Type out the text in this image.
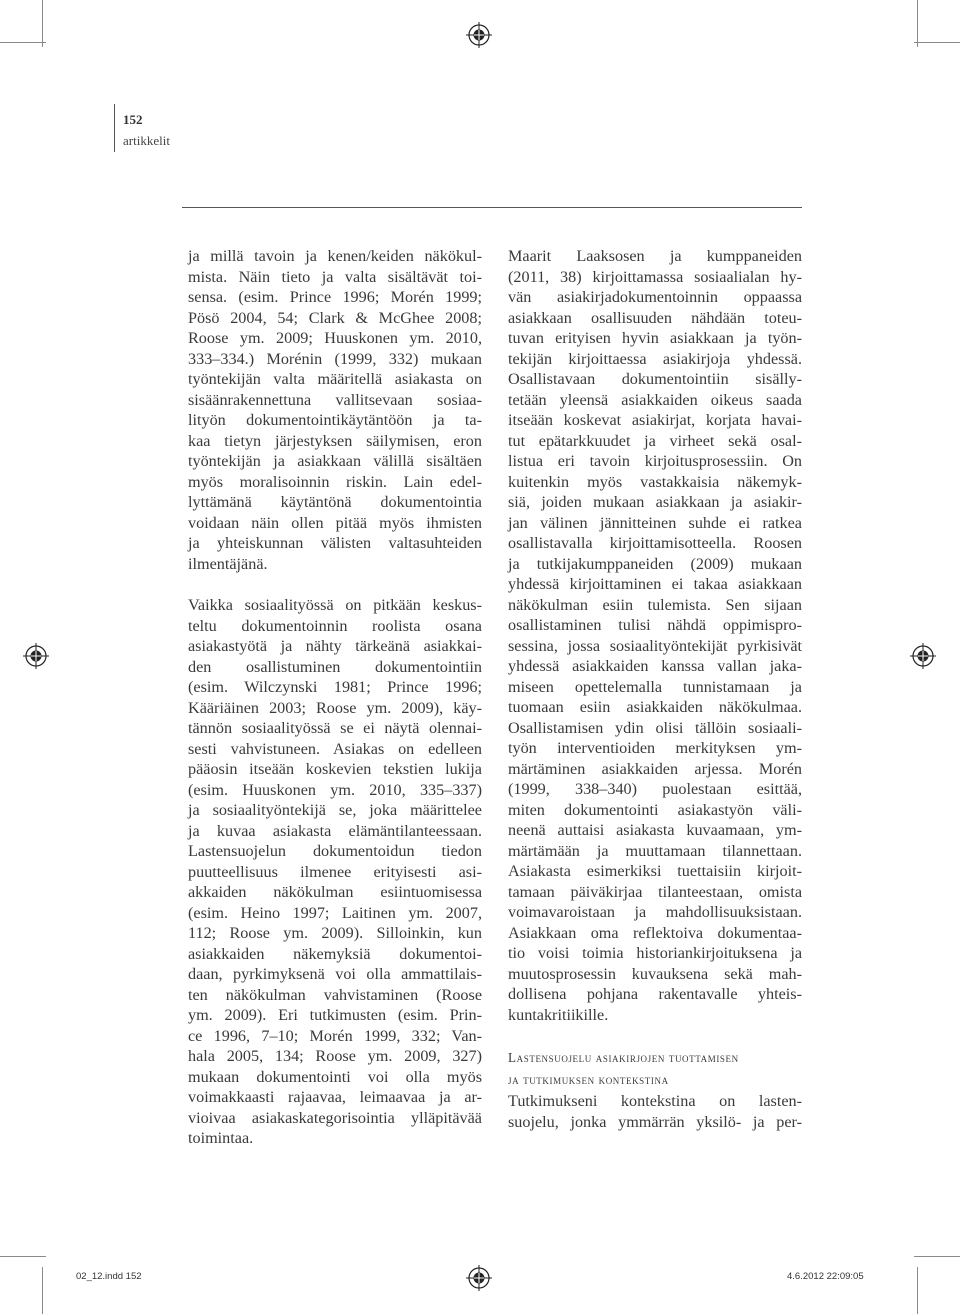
152
artikkelit

ja millä tavoin ja kenen/keiden näkökul-
mista. Näin tieto ja valta sisältävät toi-
sensa. (esim. Prince 1996; Morén 1999;
Pösö 2004, 54; Clark & McGhee 2008;
Roose ym. 2009; Huuskonen ym. 2010,
333–334.) Morénin (1999, 332) mukaan
työntekijän valta määritellä asiakasta on
sisäänrakennettuna vallitsevaan sosiaa-
lityön dokumentointikäytäntöön ja ta-
kaa tietyn järjestyksen säilymisen, eron
työntekijän ja asiakkaan välillä sisältäen
myös moralisoinnin riskin. Lain edel-
lyttämänä käytäntönä dokumentointia
voidaan näin ollen pitää myös ihmisten
ja yhteiskunnan välisten valtasuhteiden
ilmentäjänä.

Vaikka sosiaalityössä on pitkään keskus-
teltu dokumentoinnin roolista osana
asiakastyötä ja nähty tärkeänä asiakkai-
den osallistuminen dokumentointiin
(esim. Wilczynski 1981; Prince 1996;
Kääriäinen 2003; Roose ym. 2009), käy-
tännön sosiaalityössä se ei näytä olennai-
sesti vahvistuneen. Asiakas on edelleen
pääosin itseään koskevien tekstien lukija
(esim. Huuskonen ym. 2010, 335–337)
ja sosiaalityöntekijä se, joka määrittelee
ja kuvaa asiakasta elämäntilanteessaan.
Lastensuojelun dokumentoidun tiedon
puutteellisuus ilmenee erityisesti asi-
akkaiden näkökulman esiintuomisessa
(esim. Heino 1997; Laitinen ym. 2007,
112; Roose ym. 2009). Silloinkin, kun
asiakkaiden näkemyksiä dokumentoi-
daan, pyrkimyksenä voi olla ammattilais-
ten näkökulman vahvistaminen (Roose
ym. 2009). Eri tutkimusten (esim. Prin-
ce 1996, 7–10; Morén 1999, 332; Van-
hala 2005, 134; Roose ym. 2009, 327)
mukaan dokumentointi voi olla myös
voimakkaasti rajaavaa, leimaavaa ja ar-
vioivaa asiakaskategorisointia ylläpitävää
toimintaa.

Maarit Laaksosen ja kumppaneiden
(2011, 38) kirjoittamassa sosiaalialan hy-
vän asiakirjadokumentoinnin oppaassa
asiakkaan osallisuuden nähdään toteu-
tuvan erityisen hyvin asiakkaan ja työn-
tekijän kirjoittaessa asiakirjoja yhdessä.
Osallistavaan dokumentointiin sisälly-
tetään yleensä asiakkaiden oikeus saada
itseään koskevat asiakirjat, korjata havai-
tut epätarkkuudet ja virheet sekä osal-
listua eri tavoin kirjoitusprosessiin. On
kuitenkin myös vastakkaisia näkemyk-
siä, joiden mukaan asiakkaan ja asiakir-
jan välinen jännitteinen suhde ei ratkea
osallistavalla kirjoittamisotteella. Roosen
ja tutkijakumppaneiden (2009) mukaan
yhdessä kirjoittaminen ei takaa asiakkaan
näkökulman esiin tulemista. Sen sijaan
osallistaminen tulisi nähdä oppimispro-
sessina, jossa sosiaalityöntekijät pyrkisivät
yhdessä asiakkaiden kanssa vallan jaka-
miseen opettelemalla tunnistamaan ja
tuomaan esiin asiakkaiden näkökulmaa.
Osallistamisen ydin olisi tällöin sosiaali-
työn interventioiden merkityksen ym-
märtäminen asiakkaiden arjessa. Morén
(1999, 338–340) puolestaan esittää,
miten dokumentointi asiakastyön väli-
neenä auttaisi asiakasta kuvaamaan, ym-
märtämään ja muuttamaan tilannettaan.
Asiakasta esimerkiksi tuettaisiin kirjoit-
tamaan päiväkirjaa tilanteestaan, omista
voimavaroistaan ja mahdollisuuksistaan.
Asiakkaan oma reflektoiva dokumentaa-
tio voisi toimia historiankirjoituksena ja
muutosprosessin kuvauksena sekä mah-
dollisena pohjana rakentavalle yhteis-
kuntakritiikille.

Lastensuojelu asiakirjojen tuottamisen
ja tutkimuksen kontekstina

Tutkimukseni kontekstina on lasten-
suojelu, jonka ymmärrän yksilö- ja per-

02_12.indd 152	4.6.2012 22:09:05
